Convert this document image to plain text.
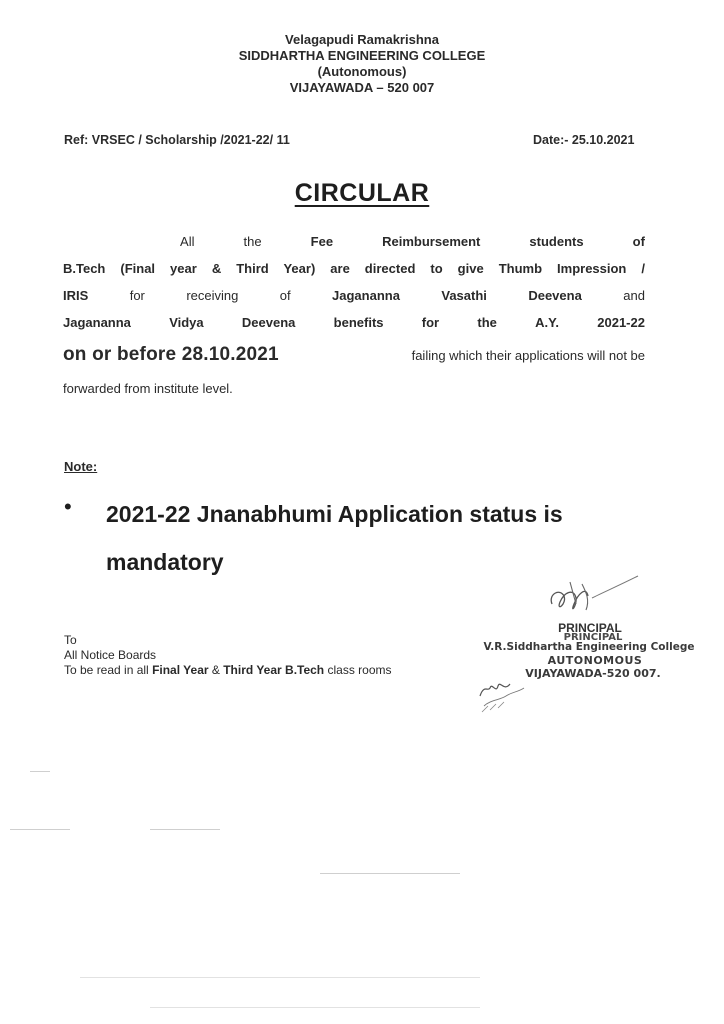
Velagapudi Ramakrishna
SIDDHARTHA ENGINEERING COLLEGE
(Autonomous)
VIJAYAWADA – 520 007
Ref: VRSEC / Scholarship /2021-22/ 11	Date:- 25.10.2021
CIRCULAR
All	the	Fee	Reimbursement	students	of
B.Tech (Final year & Third Year) are directed to give Thumb Impression /
IRIS	for	receiving	of	Jagananna	Vasathi	Deevena	and
Jagananna	Vidya	Deevena	benefits	for	the	A.Y.	2021-22
on or before 28.10.2021	failing which their applications will not be
forwarded from institute level.
Note:
• 2021-22 Jnanabhumi Application status is mandatory
To
All Notice Boards
To be read in all Final Year & Third Year B.Tech class rooms
PRINCIPAL
PRINCIPAL
V.R.Siddhartha Engineering College
AUTONOMOUS
VIJAYAWADA-520 007.
